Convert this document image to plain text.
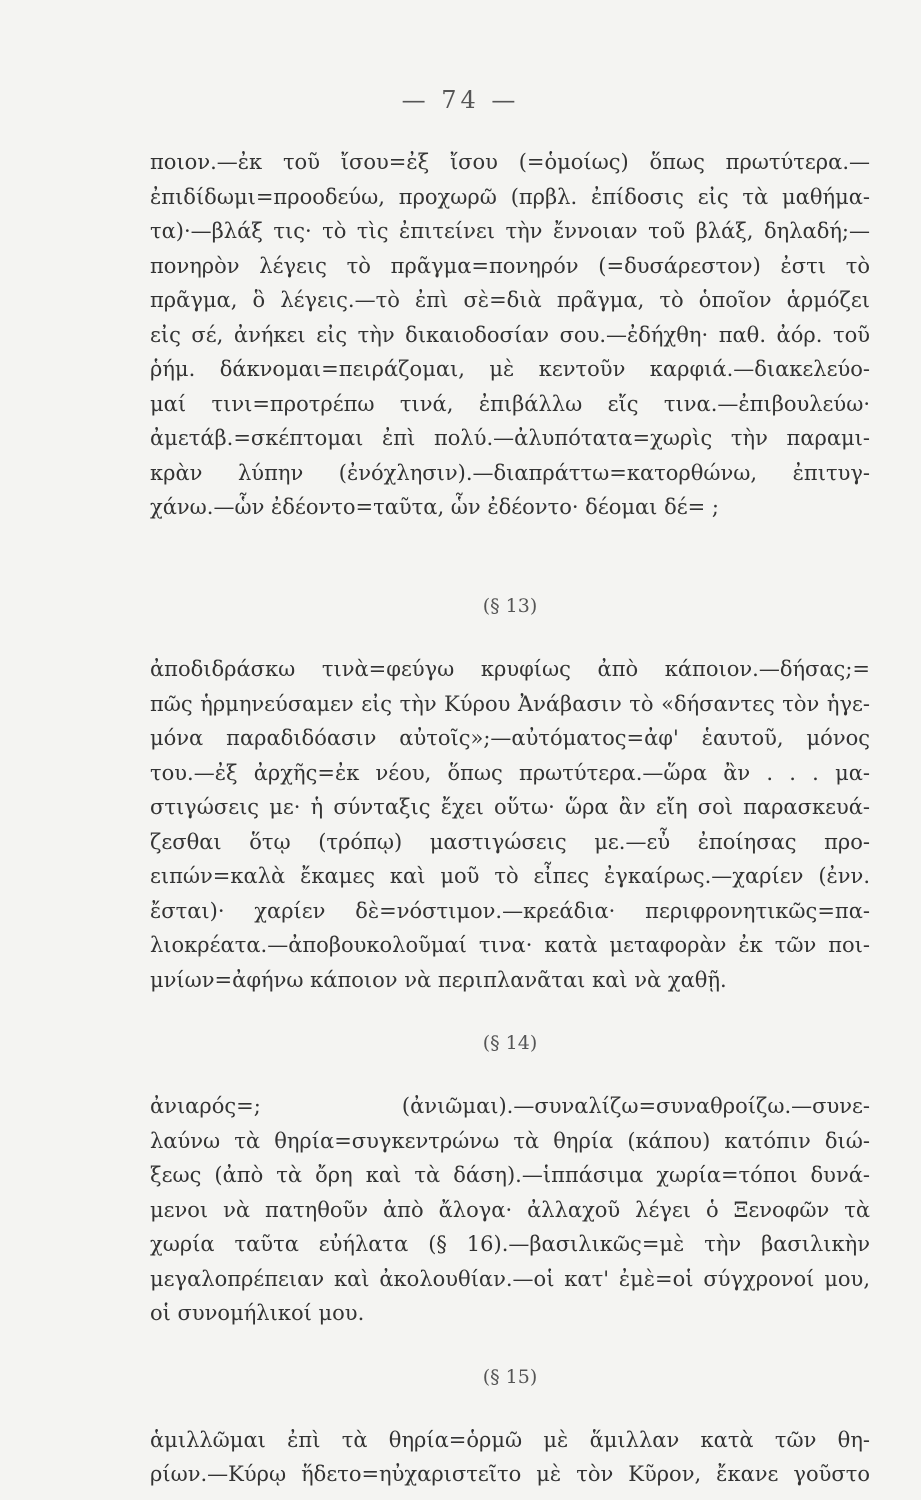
— 74 —
ποιον.—ἐκ τοῦ ἴσου=ἐξ ἴσου (=ὁμοίως) ὅπως πρωτύτερα.—
ἐπιδίδωμι=προοδεύω, προχωρῶ (πρβλ. ἐπίδοσις εἰς τὰ μαθήμα-
τα)·—βλάξ τις· τὸ τὶς ἐπιτείνει τὴν ἔννοιαν τοῦ βλάξ, δηλαδή;—
πονηρὸν λέγεις τὸ πρᾶγμα=πονηρόν (=δυσάρεστον) ἐστι τὸ
πρᾶγμα, ὃ λέγεις.—τὸ ἐπὶ σὲ=διὰ πρᾶγμα, τὸ ὁποῖον ἁρμόζει
εἰς σέ, ἀνήκει εἰς τὴν δικαιοδοσίαν σου.—ἐδήχθη· παθ. ἀόρ. τοῦ
ῥήμ. δάκνομαι=πειράζομαι, μὲ κεντοῦν καρφιά.—διακελεύο-
μαί τινι=προτρέπω τινά, ἐπιβάλλω εἴς τινα.—ἐπιβουλεύω·
ἀμετάβ.=σκέπτομαι ἐπὶ πολύ.—ἀλυπότατα=χωρὶς τὴν παραμι-
κρὰν λύπην (ἐνόχλησιν).—διαπράττω=κατορθώνω, ἐπιτυγ-
χάνω.—ὧν ἐδέοντο=ταῦτα, ὧν ἐδέοντο· δέομαι δέ= ;
(§ 13)
ἀποδιδράσκω τινὰ=φεύγω κρυφίως ἀπὸ κάποιον.—δήσας;=
πῶς ἡρμηνεύσαμεν εἰς τὴν Κύρου Ἀνάβασιν τὸ «δήσαντες τὸν ἡγε-
μόνα παραδιδόασιν αὐτοῖς»;—αὐτόματος=ἀφ' ἑαυτοῦ, μόνος
του.—ἐξ ἀρχῆς=ἐκ νέου, ὅπως πρωτύτερα.—ὥρα ἂν . . . μα-
στιγώσεις με· ἡ σύνταξις ἔχει οὕτω· ὥρα ἂν εἴη σοὶ παρασκευά-
ζεσθαι ὅτῳ (τρόπῳ) μαστιγώσεις με.—εὖ ἐποίησας προ-
ειπών=καλὰ ἔκαμες καὶ μοῦ τὸ εἶπες ἐγκαίρως.—χαρίεν (ἐνν.
ἔσται)· χαρίεν δὲ=νόστιμον.—κρεάδια· περιφρονητικῶς=πα-
λιοκρέατα.—ἀποβουκολοῦμαί τινα· κατὰ μεταφορὰν ἐκ τῶν ποι-
μνίων=ἀφήνω κάποιον νὰ περιπλανᾶται καὶ νὰ χαθῇ.
(§ 14)
ἀνιαρός=; (ἀνιῶμαι).—συναλίζω=συναθροίζω.—συνε-
λαύνω τὰ θηρία=συγκεντρώνω τὰ θηρία (κάπου) κατόπιν διώ-
ξεως (ἀπὸ τὰ ὄρη καὶ τὰ δάση).—ἱππάσιμα χωρία=τόποι δυνά-
μενοι νὰ πατηθοῦν ἀπὸ ἄλογα· ἀλλαχοῦ λέγει ὁ Ξενοφῶν τὰ
χωρία ταῦτα εὐήλατα (§ 16).—βασιλικῶς=μὲ τὴν βασιλικὴν
μεγαλοπρέπειαν καὶ ἀκολουθίαν.—οἱ κατ' ἐμὲ=οἱ σύγχρονοί μου,
οἱ συνομήλικοί μου.
(§ 15)
ἁμιλλῶμαι ἐπὶ τὰ θηρία=ὁρμῶ μὲ ἅμιλλαν κατὰ τῶν θη-
ρίων.—Κύρῳ ἥδετο=ηὐχαριστεῖτο μὲ τὸν Κῦρον, ἔκανε γοῦστο
